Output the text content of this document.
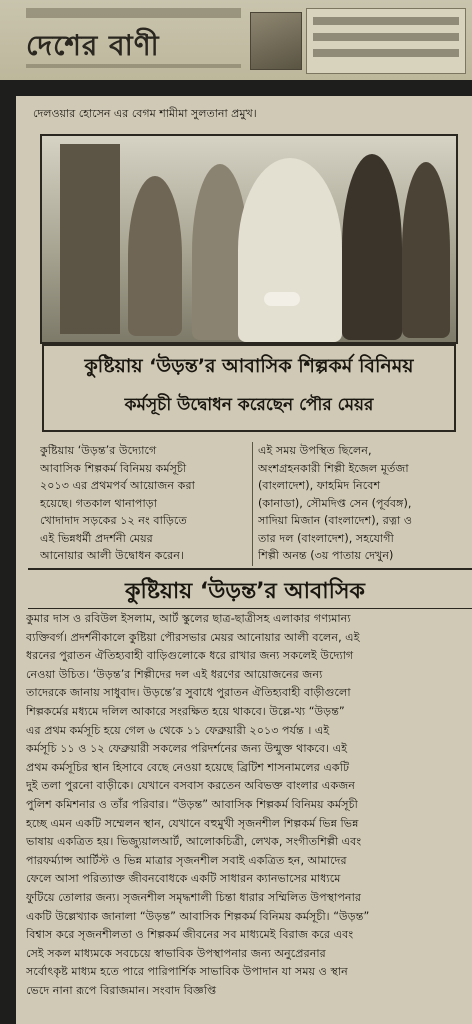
দেশের বাণী
দেলওয়ার হোসেন এর বেগম শামীমা সুলতানা প্রমুখ।
কুষ্টিয়ায় ‘উড়ন্ত’র আবাসিক শিল্পকর্ম বিনিময়
কর্মসূচী উদ্বোধন করেছেন পৌর মেয়র
কুষ্টিয়ায় ‘উড়ন্ত’র উদ্যোগে
আবাসিক শিল্পকর্ম বিনিময় কর্মসূচী
২০১৩ এর প্রথমপর্ব আয়োজন করা
হয়েছে। গতকাল থানাপাড়া
খোদাদাদ সড়কের ১২ নং বাড়িতে
এই ভিন্নধর্মী প্রদর্শনী মেয়র
আনোয়ার আলী উদ্বোধন করেন।
এই সময় উপস্থিত ছিলেন,
অংশগ্রহনকারী শিল্পী ইজেল মূর্তজা
(বাংলাদেশ), ফাহমিদ নিবেশ
(কানাডা), সৌমদিপ্ত সেন (পূর্ববঙ্গ),
সাদিয়া মিজান (বাংলাদেশ), রত্না ও
তার দল (বাংলাদেশ), সহযোগী
শিল্পী অনন্ত (৩য় পাতায় দেখুন)
কুষ্টিয়ায় ‘উড়ন্ত’র আবাসিক
কুমার দাস ও রবিউল ইসলাম, আর্ট স্কুলের ছাত্র-ছাত্রীসহ এলাকার গণ্যমান্য
ব্যক্তিবর্গ। প্রদর্শনীকালে কুষ্টিয়া পৌরসভার মেয়র আনোয়ার আলী বলেন, এই
ধরনের পুরাতন ঐতিহ্যবাহী বাড়িগুলোকে ধরে রাখার জন্য সকলেই উদ্যোগ
নেওয়া উচিত। ‘উড়ন্ত’র শিল্পীদের দল এই ধরণের আয়োজনের জন্য
তাদেরকে জানায় সাধুবাদ। উড়ন্তে’র সুবাধে পুরাতন ঐতিহ্যবাহী বাড়ীগুলো
শিল্পকর্মের মধ্যমে দলিল আকারে সংরক্ষিত হয়ে থাকবে। উল্লে-খ্য “উড়ন্ত”
এর প্রথম কর্মসূচি হয়ে গেল ৬ থেকে ১১ ফেব্রুয়ারী ২০১৩ পর্যন্ত । এই
কর্মসূচি ১১ ও ১২ ফেব্রুয়ারী সকলের পরিদর্শনের জন্য উন্মুক্ত থাকবে। এই
প্রথম কর্মসূচির স্থান হিসাবে বেছে নেওয়া হয়েছে ব্রিটিশ শাসনামলের একটি
দুই তলা পুরনো বাড়ীকে। যেখানে বসবাস করতেন অবিভক্ত বাংলার একজন
পুলিশ কমিশনার ও তাঁর পরিবার। “উড়ন্ত” আবাসিক শিল্পকর্ম বিনিময় কর্মসূচী
হচ্ছে এমন একটি সম্মেলন স্থান, যেখানে বহুমুখী সৃজনশীল শিল্পকর্ম ভিন্ন ভিন্ন
ভাষায় একত্রিত হয়। ভিজ্যুয়ালআর্ট, আলোকচিত্রী, লেখক, সংগীতশিল্পী এবং
পারফর্ম্যান্স আর্টিস্ট ও ভিন্ন মাত্রার সৃজনশীল সবাই একত্রিত হন, আমাদের
ফেলে আসা পরিত্যাক্ত জীবনবোধকে একটি সাধারন ক্যানভাসের মাধ্যমে
ফুটিয়ে তোলার জন্য। সৃজনশীল সমৃদ্ধশালী চিন্তা ধারার সম্মিলিত উপস্থাপনার
একটি উল্লেখ্যাক জানালা “উড়ন্ত” আবাসিক শিল্পকর্ম বিনিময় কর্মসূচী। “উড়ন্ত”
বিশ্বাস করে সৃজনশীলতা ও শিল্পকর্ম জীবনের সব মাধ্যমেই বিরাজ করে এবং
সেই সকল মাধ্যমকে সবচেয়ে স্বাভাবিক উপস্থাপনার জন্য অনুপ্রেরনার
সর্বোৎকৃষ্ট মাধ্যম হতে পারে পারিপার্শিক সাভাবিক উপাদান যা সময় ও স্থান
ভেদে নানা রূপে বিরাজমান। সংবাদ বিজ্ঞপ্তি
